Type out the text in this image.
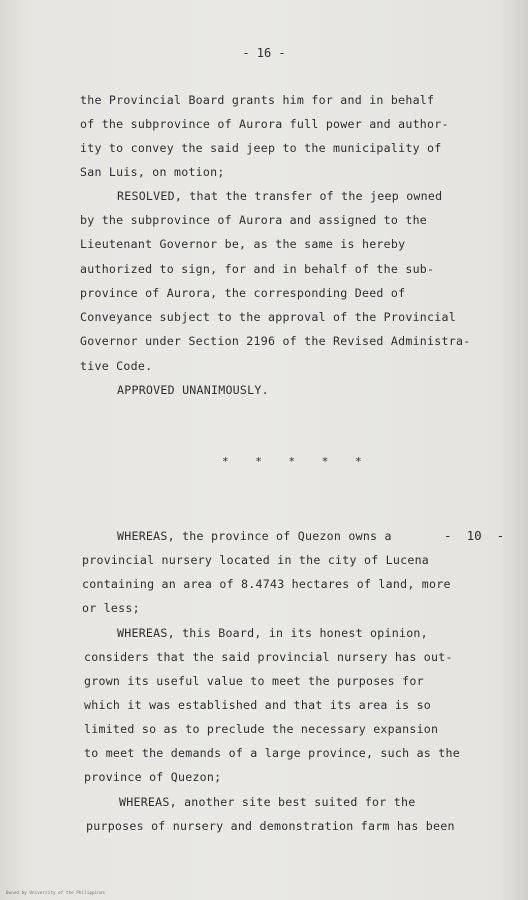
- 16 -
the Provincial Board grants him for and in behalf
of the subprovince of Aurora full power and author-
ity to convey the said jeep to the municipality of
San Luis, on motion;
RESOLVED, that the transfer of the jeep owned
by the subprovince of Aurora and assigned to the
Lieutenant Governor be, as the same is hereby
authorized to sign, for and in behalf of the sub-
province of Aurora, the corresponding Deed of
Conveyance subject to the approval of the Provincial
Governor under Section 2196 of the Revised Administra-
tive Code.
APPROVED UNANIMOUSLY.
* * * * *
WHEREAS, the province of Quezon owns a	-  10  -
provincial nursery located in the city of Lucena
containing an area of 8.4743 hectares of land, more
or less;
WHEREAS, this Board, in its honest opinion,
considers that the said provincial nursery has out-
grown its useful value to meet the purposes for
which it was established and that its area is so
limited so as to preclude the necessary expansion
to meet the demands of a large province, such as the
province of Quezon;
WHEREAS, another site best suited for the
purposes of nursery and demonstration farm has been
Owned by University of the Philippines
